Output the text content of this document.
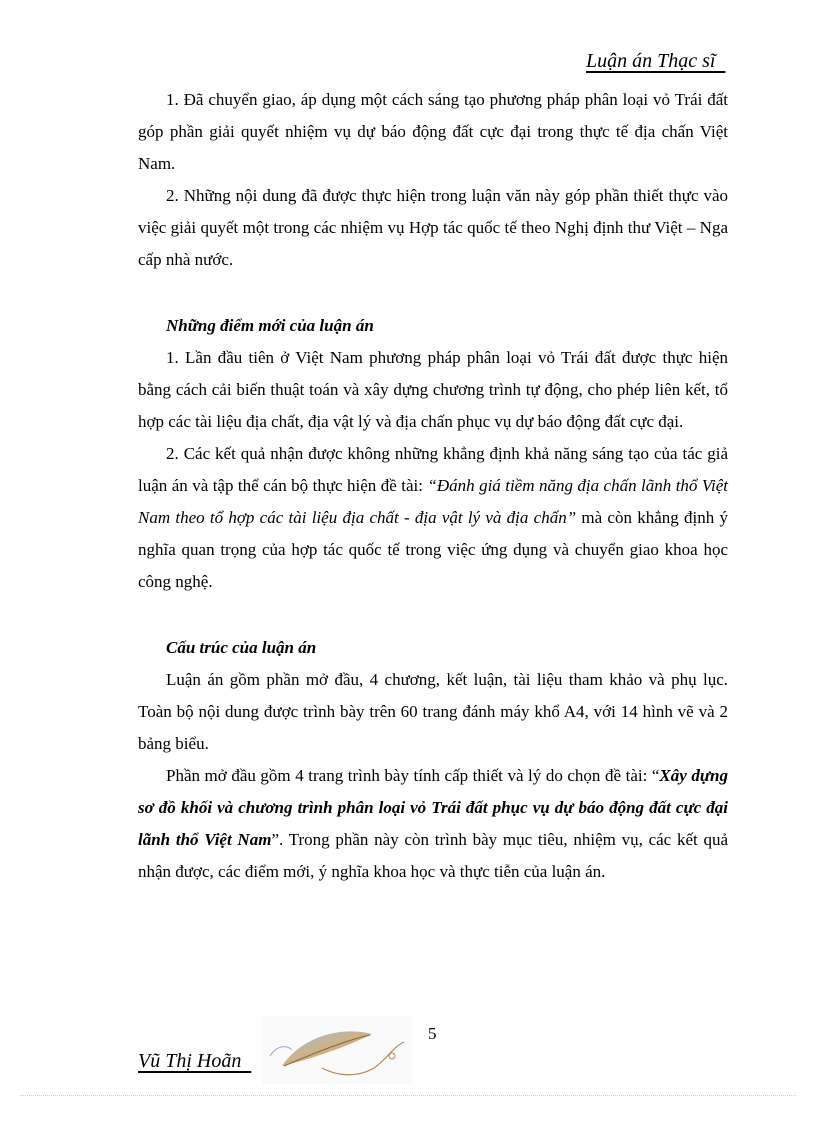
Luận án Thạc sĩ

1. Đã chuyển giao, áp dụng một cách sáng tạo phương pháp phân loại vỏ Trái đất góp phần giải quyết nhiệm vụ dự báo động đất cực đại trong thực tế địa chấn Việt Nam.

2. Những nội dung đã được thực hiện trong luận văn này góp phần thiết thực vào việc giải quyết một trong các nhiệm vụ Hợp tác quốc tế theo Nghị định thư Việt – Nga cấp nhà nước.

Những điểm mới của luận án

1. Lần đầu tiên ở Việt Nam phương pháp phân loại vỏ Trái đất được thực hiện bằng cách cải biến thuật toán và xây dựng chương trình tự động, cho phép liên kết, tổ hợp các tài liệu địa chất, địa vật lý và địa chấn phục vụ dự báo động đất cực đại.

2. Các kết quả nhận được không những khẳng định khả năng sáng tạo của tác giả luận án và tập thể cán bộ thực hiện đề tài: “Đánh giá tiềm năng địa chấn lãnh thổ Việt Nam theo tổ hợp các tài liệu địa chất - địa vật lý và địa chấn” mà còn khẳng định ý nghĩa quan trọng của hợp tác quốc tế trong việc ứng dụng và chuyển giao khoa học công nghệ.

Cấu trúc của luận án

Luận án gồm phần mở đầu, 4 chương, kết luận, tài liệu tham khảo và phụ lục. Toàn bộ nội dung được trình bày trên 60 trang đánh máy khổ A4, với 14 hình vẽ và 2 bảng biểu.

Phần mở đầu gồm 4 trang trình bày tính cấp thiết và lý do chọn đề tài: “Xây dựng sơ đồ khối và chương trình phân loại vỏ Trái đất phục vụ dự báo động đất cực đại lãnh thổ Việt Nam”. Trong phần này còn trình bày mục tiêu, nhiệm vụ, các kết quả nhận được, các điểm mới, ý nghĩa khoa học và thực tiễn của luận án.

5
Vũ Thị Hoãn
